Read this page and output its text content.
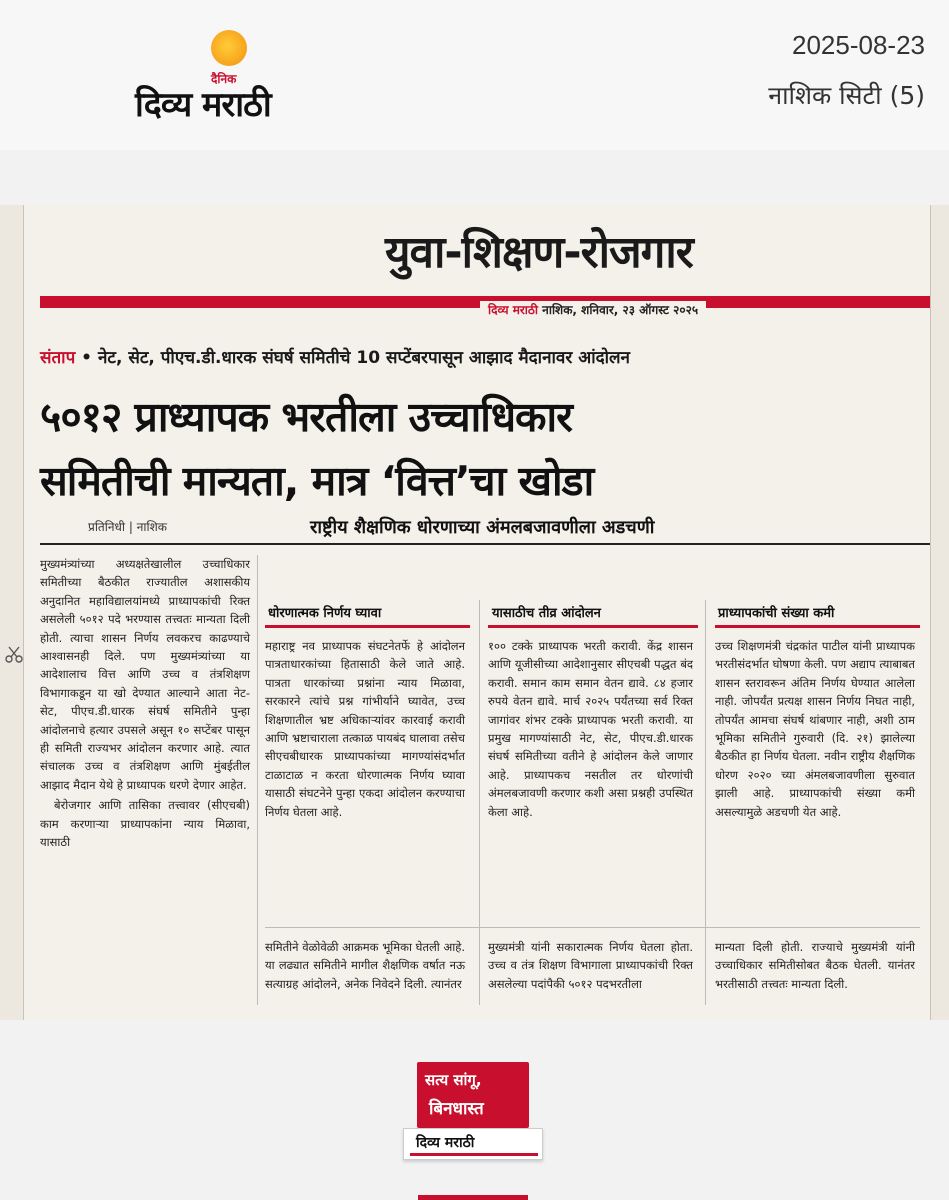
दैनिक
दिव्य मराठी
2025-08-23
नाशिक सिटी (5)
युवा-शिक्षण-रोजगार
दिव्य मराठी नाशिक, शनिवार, २३ ऑगस्ट २०२५
संताप • नेट, सेट, पीएच.डी.धारक संघर्ष समितीचे 10 सप्टेंबरपासून आझाद मैदानावर आंदोलन
५०१२ प्राध्यापक भरतीला उच्चाधिकार
समितीची मान्यता, मात्र ‘वित्त’चा खोडा
प्रतिनिधी | नाशिक	राष्ट्रीय शैक्षणिक धोरणाच्या अंमलबजावणीला अडचणी

मुख्यमंत्र्यांच्या अध्यक्षतेखालील उच्चाधिकार समितीच्या बैठकीत राज्यातील अशासकीय अनुदानित महाविद्यालयांमध्ये प्राध्यापकांची रिक्त असलेली ५०१२ पदे भरण्यास तत्त्वतः मान्यता दिली होती. त्याचा शासन निर्णय लवकरच काढण्याचे आश्वासनही दिले. पण मुख्यमंत्र्यांच्या या आदेशालाच वित्त आणि उच्च व तंत्रशिक्षण विभागाकडून या खो देण्यात आल्याने आता नेट-सेट, पीएच.डी.धारक संघर्ष समितीने पुन्हा आंदोलनाचे हत्यार उपसले असून १० सप्टेंबर पासून ही समिती राज्यभर आंदोलन करणार आहे. त्यात संचालक उच्च व तंत्रशिक्षण आणि मुंबईतील आझाद मैदान येथे हे प्राध्यापक धरणे देणार आहेत.

बेरोजगार आणि तासिका तत्त्वावर (सीएचबी) काम करणाऱ्या प्राध्यापकांना न्याय मिळावा, यासाठी

धोरणात्मक निर्णय घ्यावा
महाराष्ट्र नव प्राध्यापक संघटनेतर्फे हे आंदोलन पात्रताधारकांच्या हितासाठी केले जाते आहे. पात्रता धारकांच्या प्रश्नांना न्याय मिळावा, सरकारने त्यांचे प्रश्न गांभीर्याने घ्यावेत, उच्च शिक्षणातील भ्रष्ट अधिकाऱ्यांवर कारवाई करावी आणि भ्रष्टाचाराला तत्काळ पायबंद घालावा तसेच सीएचबीधारक प्राध्यापकांच्या मागण्यांसंदर्भात टाळाटाळ न करता धोरणात्मक निर्णय घ्यावा यासाठी संघटनेने पुन्हा एकदा आंदोलन करण्याचा निर्णय घेतला आहे.
यासाठीच तीव्र आंदोलन
१०० टक्के प्राध्यापक भरती करावी. केंद्र शासन आणि यूजीसीच्या आदेशानुसार सीएचबी पद्धत बंद करावी. समान काम समान वेतन द्यावे. ८४ हजार रुपये वेतन द्यावे. मार्च २०२५ पर्यंतच्या सर्व रिक्त जागांवर शंभर टक्के प्राध्यापक भरती करावी. या प्रमुख मागण्यांसाठी नेट, सेट, पीएच.डी.धारक संघर्ष समितीच्या वतीने हे आंदोलन केले जाणार आहे. प्राध्यापकच नसतील तर धोरणांची अंमलबजावणी करणार कशी असा प्रश्नही उपस्थित केला आहे.
प्राध्यापकांची संख्या कमी
उच्च शिक्षणमंत्री चंद्रकांत पाटील यांनी प्राध्यापक भरतीसंदर्भात घोषणा केली. पण अद्याप त्याबाबत शासन स्तरावरून अंतिम निर्णय घेण्यात आलेला नाही. जोपर्यंत प्रत्यक्ष शासन निर्णय निघत नाही, तोपर्यंत आमचा संघर्ष थांबणार नाही, अशी ठाम भूमिका समितीने गुरुवारी (दि. २१) झालेल्या बैठकीत हा निर्णय घेतला. नवीन राष्ट्रीय शैक्षणिक धोरण २०२० च्या अंमलबजावणीला सुरुवात झाली आहे. प्राध्यापकांची संख्या कमी असल्यामुळे अडचणी येत आहे.
समितीने वेळोवेळी आक्रमक भूमिका घेतली आहे. या लढ्यात समितीने मागील शैक्षणिक वर्षात नऊ सत्याग्रह आंदोलने, अनेक निवेदने दिली. त्यानंतर
मुख्यमंत्री यांनी सकारात्मक निर्णय घेतला होता. उच्च व तंत्र शिक्षण विभागाला प्राध्यापकांची रिक्त असलेल्या पदांपैकी ५०१२ पदभरतीला
मान्यता दिली होती. राज्याचे मुख्यमंत्री यांनी उच्चाधिकार समितीसोबत बैठक घेतली. यानंतर भरतीसाठी तत्त्वतः मान्यता दिली.
सत्य सांगू,
बिनधास्त
दिव्य मराठी
